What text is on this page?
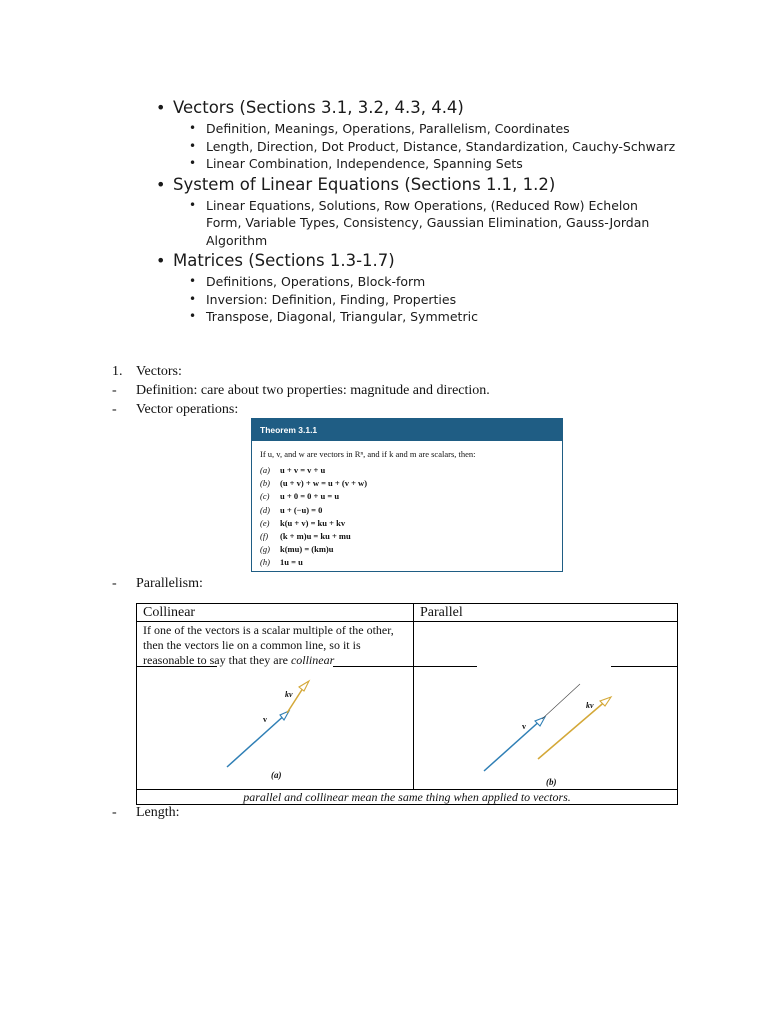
• Vectors (Sections 3.1, 3.2, 4.3, 4.4)
• Definition, Meanings, Operations, Parallelism, Coordinates
• Length, Direction, Dot Product, Distance, Standardization, Cauchy-Schwarz
• Linear Combination, Independence, Spanning Sets
• System of Linear Equations (Sections 1.1, 1.2)
• Linear Equations, Solutions, Row Operations, (Reduced Row) Echelon Form, Variable Types, Consistency, Gaussian Elimination, Gauss-Jordan Algorithm
• Matrices (Sections 1.3-1.7)
• Definitions, Operations, Block-form
• Inversion: Definition, Finding, Properties
• Transpose, Diagonal, Triangular, Symmetric
1. Vectors:
- Definition: care about two properties: magnitude and direction.
- Vector operations:
Theorem 3.1.1
If u, v, and w are vectors in Rⁿ, and if k and m are scalars, then:
(a) u + v = v + u
(b) (u + v) + w = u + (v + w)
(c) u + 0 = 0 + u = u
(d) u + (−u) = 0
(e) k(u + v) = ku + kv
(f) (k + m)u = ku + mu
(g) k(mu) = (km)u
(h) 1u = u
- Parallelism:
Collinear	Parallel
If one of the vectors is a scalar multiple of the other, then the vectors lie on a common line, so it is reasonable to say that they are collinear
kv
v
(a)
kv
v
(b)
parallel and collinear mean the same thing when applied to vectors.
- Length:
